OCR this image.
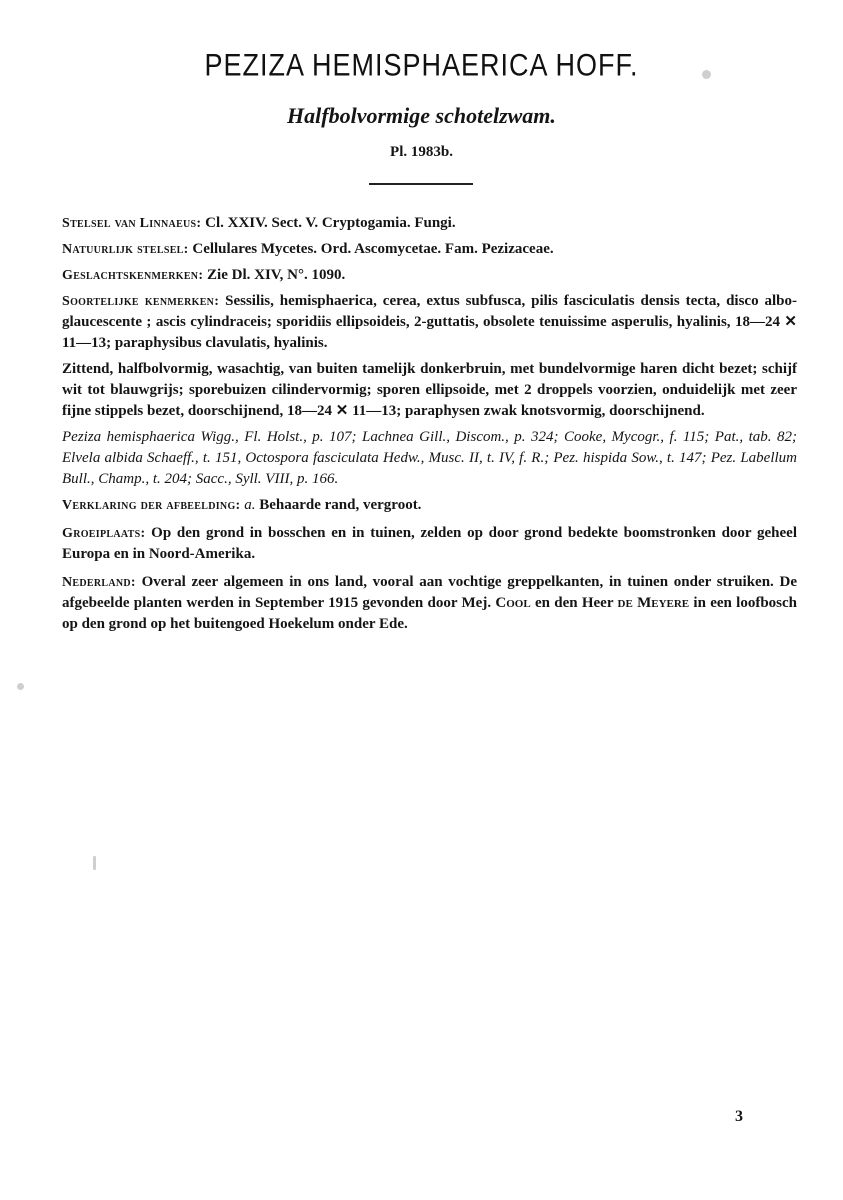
PEZIZA HEMISPHAERICA HOFF.
Halfbolvormige schotelzwam.
Pl. 1983b.

Stelsel van Linnaeus: Cl. XXIV. Sect. V. Cryptogamia. Fungi.

Natuurlijk stelsel: Cellulares Mycetes. Ord. Ascomycetae. Fam. Pezizaceae.

Geslachtskenmerken: Zie Dl. XIV, N°. 1090.

Soortelijke kenmerken: Sessilis, hemisphaerica, cerea, extus subfusca, pilis fasciculatis densis tecta, disco albo-glaucescente ; ascis cylindraceis; sporidiis ellipsoideis, 2-guttatis, obsolete tenuissime asperulis, hyalinis, 18—24 ✕ 11—13; paraphysibus clavulatis, hyalinis.

Zittend, halfbolvormig, wasachtig, van buiten tamelijk donkerbruin, met bundelvormige haren dicht bezet; schijf wit tot blauwgrijs; sporebuizen cilindervormig; sporen ellipsoide, met 2 droppels voorzien, onduidelijk met zeer fijne stippels bezet, doorschijnend, 18—24 ✕ 11—13; paraphysen zwak knotsvormig, doorschijnend.

Peziza hemisphaerica Wigg., Fl. Holst., p. 107; Lachnea Gill., Discom., p. 324; Cooke, Mycogr., f. 115; Pat., tab. 82; Elvela albida Schaeff., t. 151, Octospora fasciculata Hedw., Musc. II, t. IV, f. R.; Pez. hispida Sow., t. 147; Pez. Labellum Bull., Champ., t. 204; Sacc., Syll. VIII, p. 166.

Verklaring der afbeelding: a. Behaarde rand, vergroot.

Groeiplaats: Op den grond in bosschen en in tuinen, zelden op door grond bedekte boomstronken door geheel Europa en in Noord-Amerika.

Nederland: Overal zeer algemeen in ons land, vooral aan vochtige greppelkanten, in tuinen onder struiken. De afgebeelde planten werden in September 1915 gevonden door Mej. Cool en den Heer de Meyere in een loofbosch op den grond op het buitengoed Hoekelum onder Ede.

3
